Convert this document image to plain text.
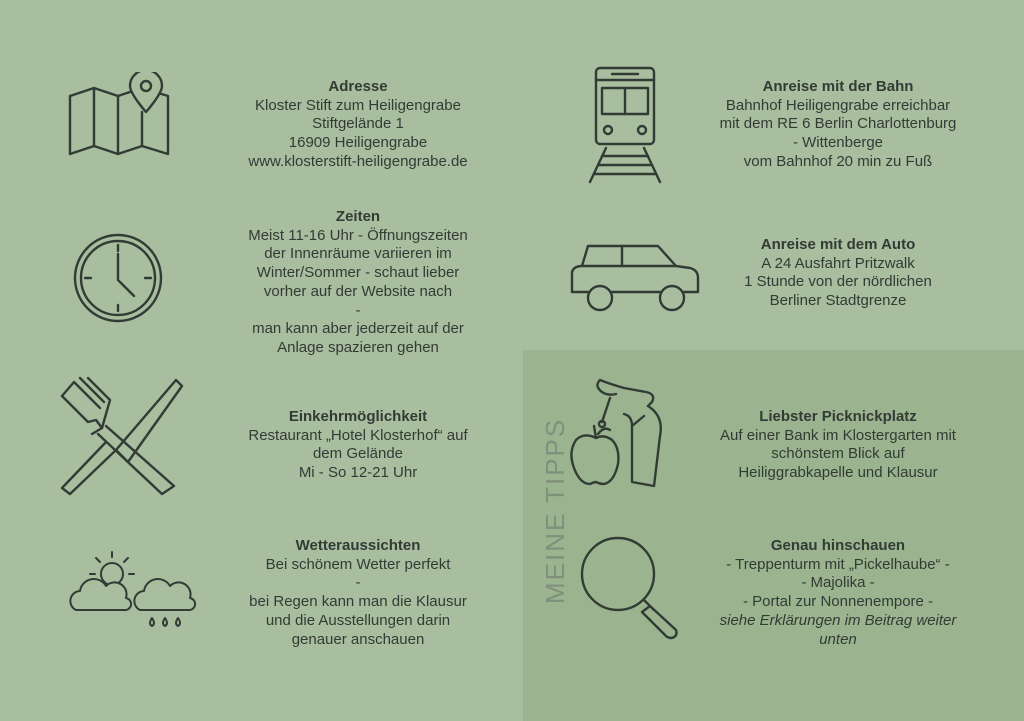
MEINE TIPPS
Adresse
Kloster Stift zum Heiligengrabe
Stiftgelände 1
16909 Heiligengrabe
www.klosterstift-heiligengrabe.de
Zeiten
Meist 11-16 Uhr - Öffnungszeiten
der Innenräume variieren im
Winter/Sommer - schaut lieber
vorher auf der Website nach
-
man kann aber jederzeit auf der
Anlage spazieren gehen
Einkehrmöglichkeit
Restaurant „Hotel Klosterhof“ auf
dem Gelände
Mi - So 12-21 Uhr
Wetteraussichten
Bei schönem Wetter perfekt
-
bei Regen kann man die Klausur
und die Ausstellungen darin
genauer anschauen
Anreise mit der Bahn
Bahnhof Heiligengrabe erreichbar
mit dem RE 6 Berlin Charlottenburg
- Wittenberge
vom Bahnhof 20 min zu Fuß
Anreise mit dem Auto
A 24 Ausfahrt Pritzwalk
1 Stunde von der nördlichen
Berliner Stadtgrenze
Liebster Picknickplatz
Auf einer Bank im Klostergarten mit
schönstem Blick auf
Heiliggrabkapelle und Klausur
Genau hinschauen
- Treppenturm mit „Pickelhaube“ -
- Majolika -
- Portal zur Nonnenempore -
siehe Erklärungen im Beitrag weiter
unten
